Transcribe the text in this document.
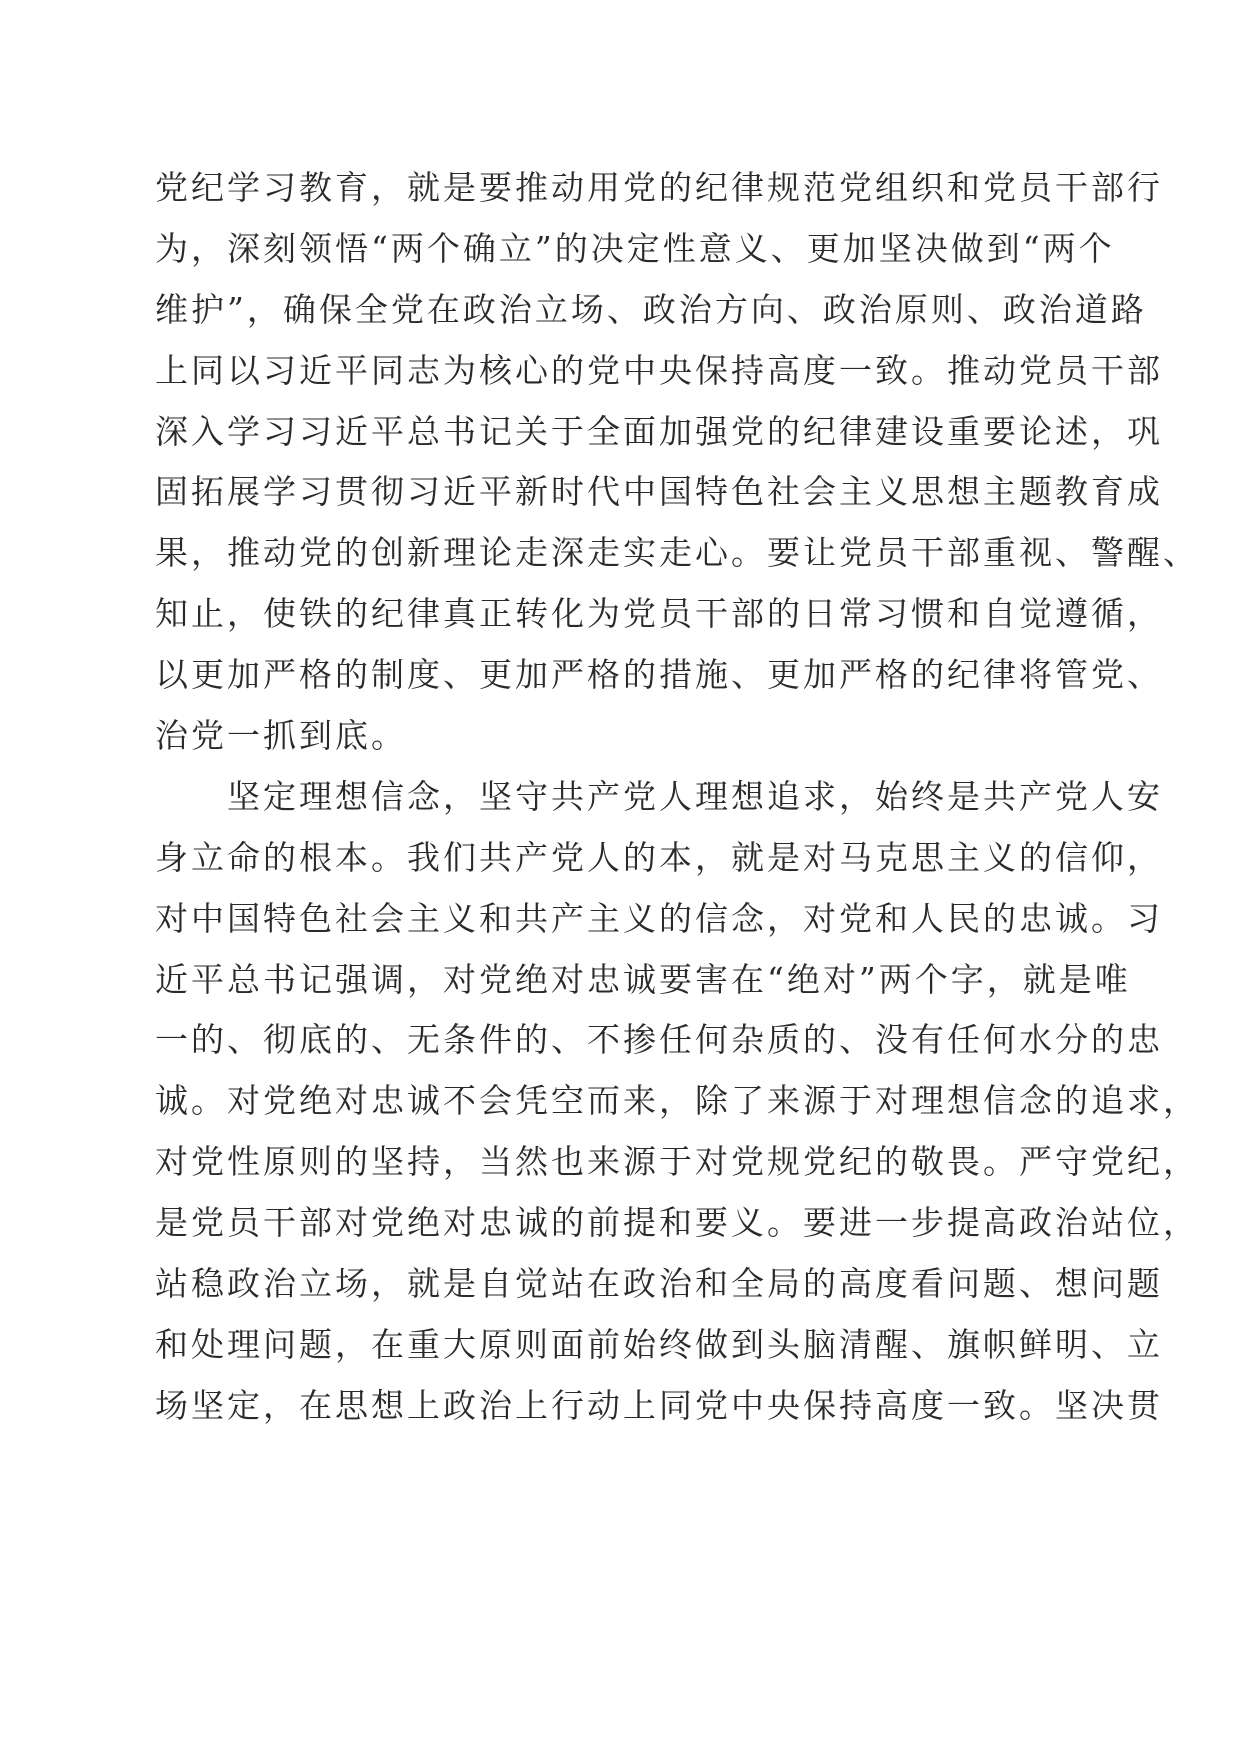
党纪学习教育，就是要推动用党的纪律规范党组织和党员干部行
为，深刻领悟“两个确立”的决定性意义、更加坚决做到“两个
维护”，确保全党在政治立场、政治方向、政治原则、政治道路
上同以习近平同志为核心的党中央保持高度一致。推动党员干部
深入学习习近平总书记关于全面加强党的纪律建设重要论述，巩
固拓展学习贯彻习近平新时代中国特色社会主义思想主题教育成
果，推动党的创新理论走深走实走心。要让党员干部重视、警醒、
知止，使铁的纪律真正转化为党员干部的日常习惯和自觉遵循，
以更加严格的制度、更加严格的措施、更加严格的纪律将管党、
治党一抓到底。
坚定理想信念，坚守共产党人理想追求，始终是共产党人安
身立命的根本。我们共产党人的本，就是对马克思主义的信仰，
对中国特色社会主义和共产主义的信念，对党和人民的忠诚。习
近平总书记强调，对党绝对忠诚要害在“绝对”两个字，就是唯
一的、彻底的、无条件的、不掺任何杂质的、没有任何水分的忠
诚。对党绝对忠诚不会凭空而来，除了来源于对理想信念的追求，
对党性原则的坚持，当然也来源于对党规党纪的敬畏。严守党纪，
是党员干部对党绝对忠诚的前提和要义。要进一步提高政治站位，
站稳政治立场，就是自觉站在政治和全局的高度看问题、想问题
和处理问题，在重大原则面前始终做到头脑清醒、旗帜鲜明、立
场坚定，在思想上政治上行动上同党中央保持高度一致。坚决贯
